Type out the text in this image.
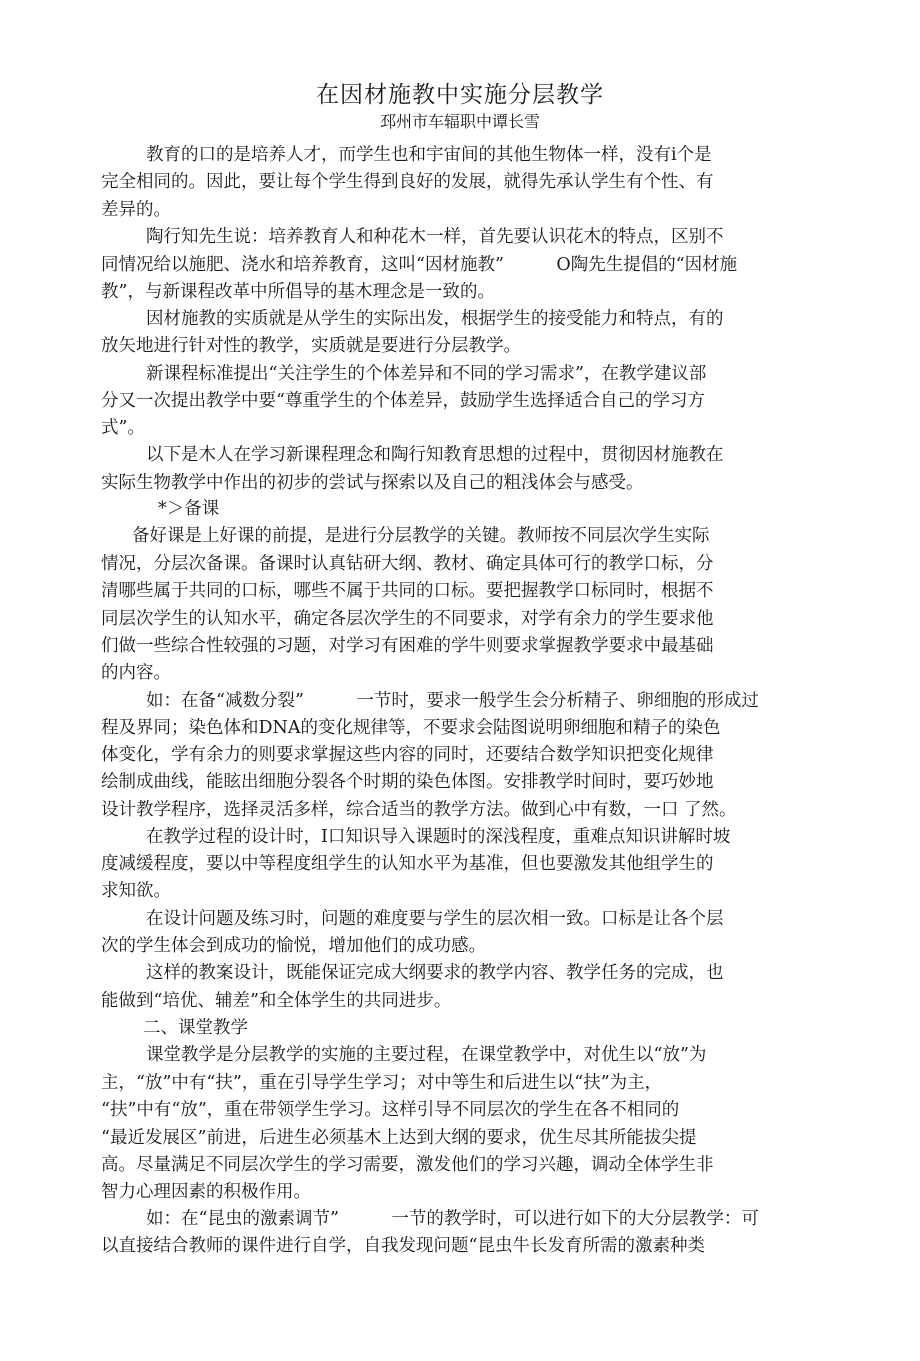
在因材施教中实施分层教学
邳州市车辐职中谭长雪
教育的口的是培养人才，而学生也和宇宙间的其他生物体一样，没有i个是
完全相同的。因此，要让每个学生得到良好的发展，就得先承认学生有个性、有
差异的。
陶行知先生说：培养教育人和种花木一样，首先要认识花木的特点，区别不
同情况给以施肥、浇水和培养教育，这叫“因材施教”　　　O陶先生提倡的“因材施
教”，与新课程改革中所倡导的基木理念是一致的。
因材施教的实质就是从学生的实际出发，根据学生的接受能力和特点，有的
放矢地进行针对性的教学，实质就是要进行分层教学。
新课程标准提出“关注学生的个体差异和不同的学习需求”，在教学建议部
分又一次提出教学中要“尊重学生的个体差异，鼓励学生选择适合自己的学习方
式”。
以下是木人在学习新课程理念和陶行知教育思想的过程中，贯彻因材施教在
实际生物教学中作出的初步的尝试与探索以及自己的粗浅体会与感受。
*＞备课
备好课是上好课的前提，是进行分层教学的关键。教师按不同层次学生实际
情况，分层次备课。备课时认真钻研大纲、教材、确定具体可行的教学口标，分
清哪些属于共同的口标，哪些不属于共同的口标。要把握教学口标同时，根据不
同层次学生的认知水平，确定各层次学生的不同要求，对学有余力的学生要求他
们做一些综合性较强的习题，对学习有困难的学牛则要求掌握教学要求中最基础
的内容。
如：在备“减数分裂”　　　一节时，要求一般学生会分析精子、卵细胞的形成过
程及界同；染色体和DNA的变化规律等，不要求会陆图说明卵细胞和精子的染色
体变化，学有余力的则要求掌握这些内容的同时，还要结合数学知识把变化规律
绘制成曲线，能眩出细胞分裂各个时期的染色体图。安排教学时间时，要巧妙地
设计教学程序，选择灵活多样，综合适当的教学方法。做到心中有数，一口 了然。
在教学过程的设计时，I口知识导入课题时的深浅程度，重难点知识讲解时坡
度减缓程度，要以中等程度组学生的认知水平为基准，但也要激发其他组学生的
求知欲。
在设计问题及练习时，问题的难度要与学生的层次相一致。口标是让各个层
次的学生体会到成功的愉悦，增加他们的成功感。
这样的教案设计，既能保证完成大纲要求的教学内容、教学任务的完成，也
能做到“培优、辅差”和全体学生的共同进步。
二、课堂教学
课堂教学是分层教学的实施的主要过程，在课堂教学中，对优生以“放”为
主，“放”中有“扶”，重在引导学生学习；对中等生和后进生以“扶”为主，
“扶”中有“放”，重在带领学生学习。这样引导不同层次的学生在各不相同的
“最近发展区”前进，后进生必须基木上达到大纲的要求，优生尽其所能拔尖提
高。尽量满足不同层次学生的学习需要，激发他们的学习兴趣，调动全体学生非
智力心理因素的积极作用。
如：在“昆虫的激素调节”　　　一节的教学时，可以进行如下的大分层教学：可
以直接结合教师的课件进行自学，自我发现问题“昆虫牛长发育所需的激素种类
